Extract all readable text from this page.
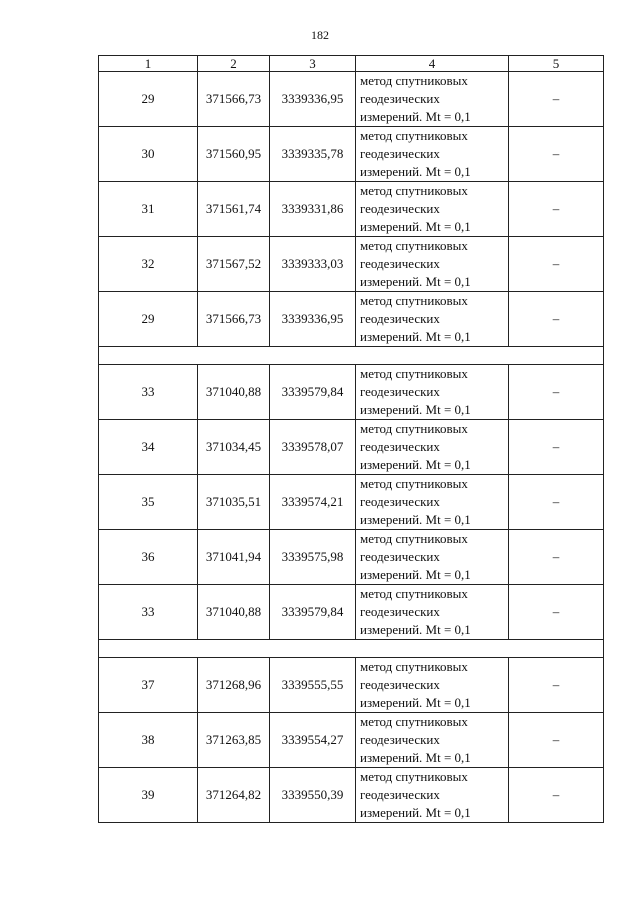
182
1	2	3	4	5
29	371566,73	3339336,95	метод спутниковых
геодезических
измерений. Mt = 0,1	–
30	371560,95	3339335,78	метод спутниковых
геодезических
измерений. Mt = 0,1	–
31	371561,74	3339331,86	метод спутниковых
геодезических
измерений. Mt = 0,1	–
32	371567,52	3339333,03	метод спутниковых
геодезических
измерений. Mt = 0,1	–
29	371566,73	3339336,95	метод спутниковых
геодезических
измерений. Mt = 0,1	–

33	371040,88	3339579,84	метод спутниковых
геодезических
измерений. Mt = 0,1	–
34	371034,45	3339578,07	метод спутниковых
геодезических
измерений. Mt = 0,1	–
35	371035,51	3339574,21	метод спутниковых
геодезических
измерений. Mt = 0,1	–
36	371041,94	3339575,98	метод спутниковых
геодезических
измерений. Mt = 0,1	–
33	371040,88	3339579,84	метод спутниковых
геодезических
измерений. Mt = 0,1	–

37	371268,96	3339555,55	метод спутниковых
геодезических
измерений. Mt = 0,1	–
38	371263,85	3339554,27	метод спутниковых
геодезических
измерений. Mt = 0,1	–
39	371264,82	3339550,39	метод спутниковых
геодезических
измерений. Mt = 0,1	–
